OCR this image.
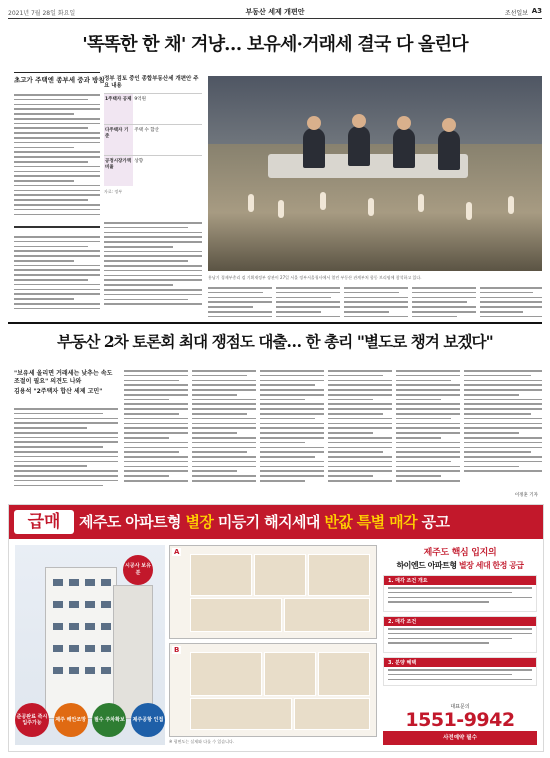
2021년 7월 28일 화요일	부동산 세제 개편안	조선일보 A3
'똑똑한 한 채' 겨냥… 보유세·거래세 결국 다 올린다
초고가 주택엔 종부세 중과 방침 정부 검토 중인 종합부동산세 개편안 주요 내용
1주택자 공제	9억원
다주택자 기준	주택 수 합산
공정시장가액비율	상향
자료: 정부
홍남기 경제부총리 겸 기획재정부 장관이 27일 서울 정부서울청사에서 열린 부동산 관계부처 합동 브리핑에 참석하고 있다.
부동산 2차 토론회 최대 쟁점도 대출… 한 총리 "별도로 챙겨 보겠다"
"보유세 올리면 거래세는 낮추는 속도 조절이 필요" 의견도 나와
김용석 "2주택자 합산 세제 고민"
이정훈 기자
급매	제주도 아파트형 별장 미등기 해지세대 반값 특별 매각 공고
시공사 보유분
준공완료 즉시입주가능
제주 해안조망	필수 주차확보	제주공항 인접
A
B
※ 평면도는 실제와 다를 수 있습니다.
제주도 핵심 입지의
하이엔드 아파트형 별장 세대 한정 공급
1. 매각 조건 개요
2. 매각 조건
3. 분양 혜택
대표문의
1551-9942
사전예약 필수
